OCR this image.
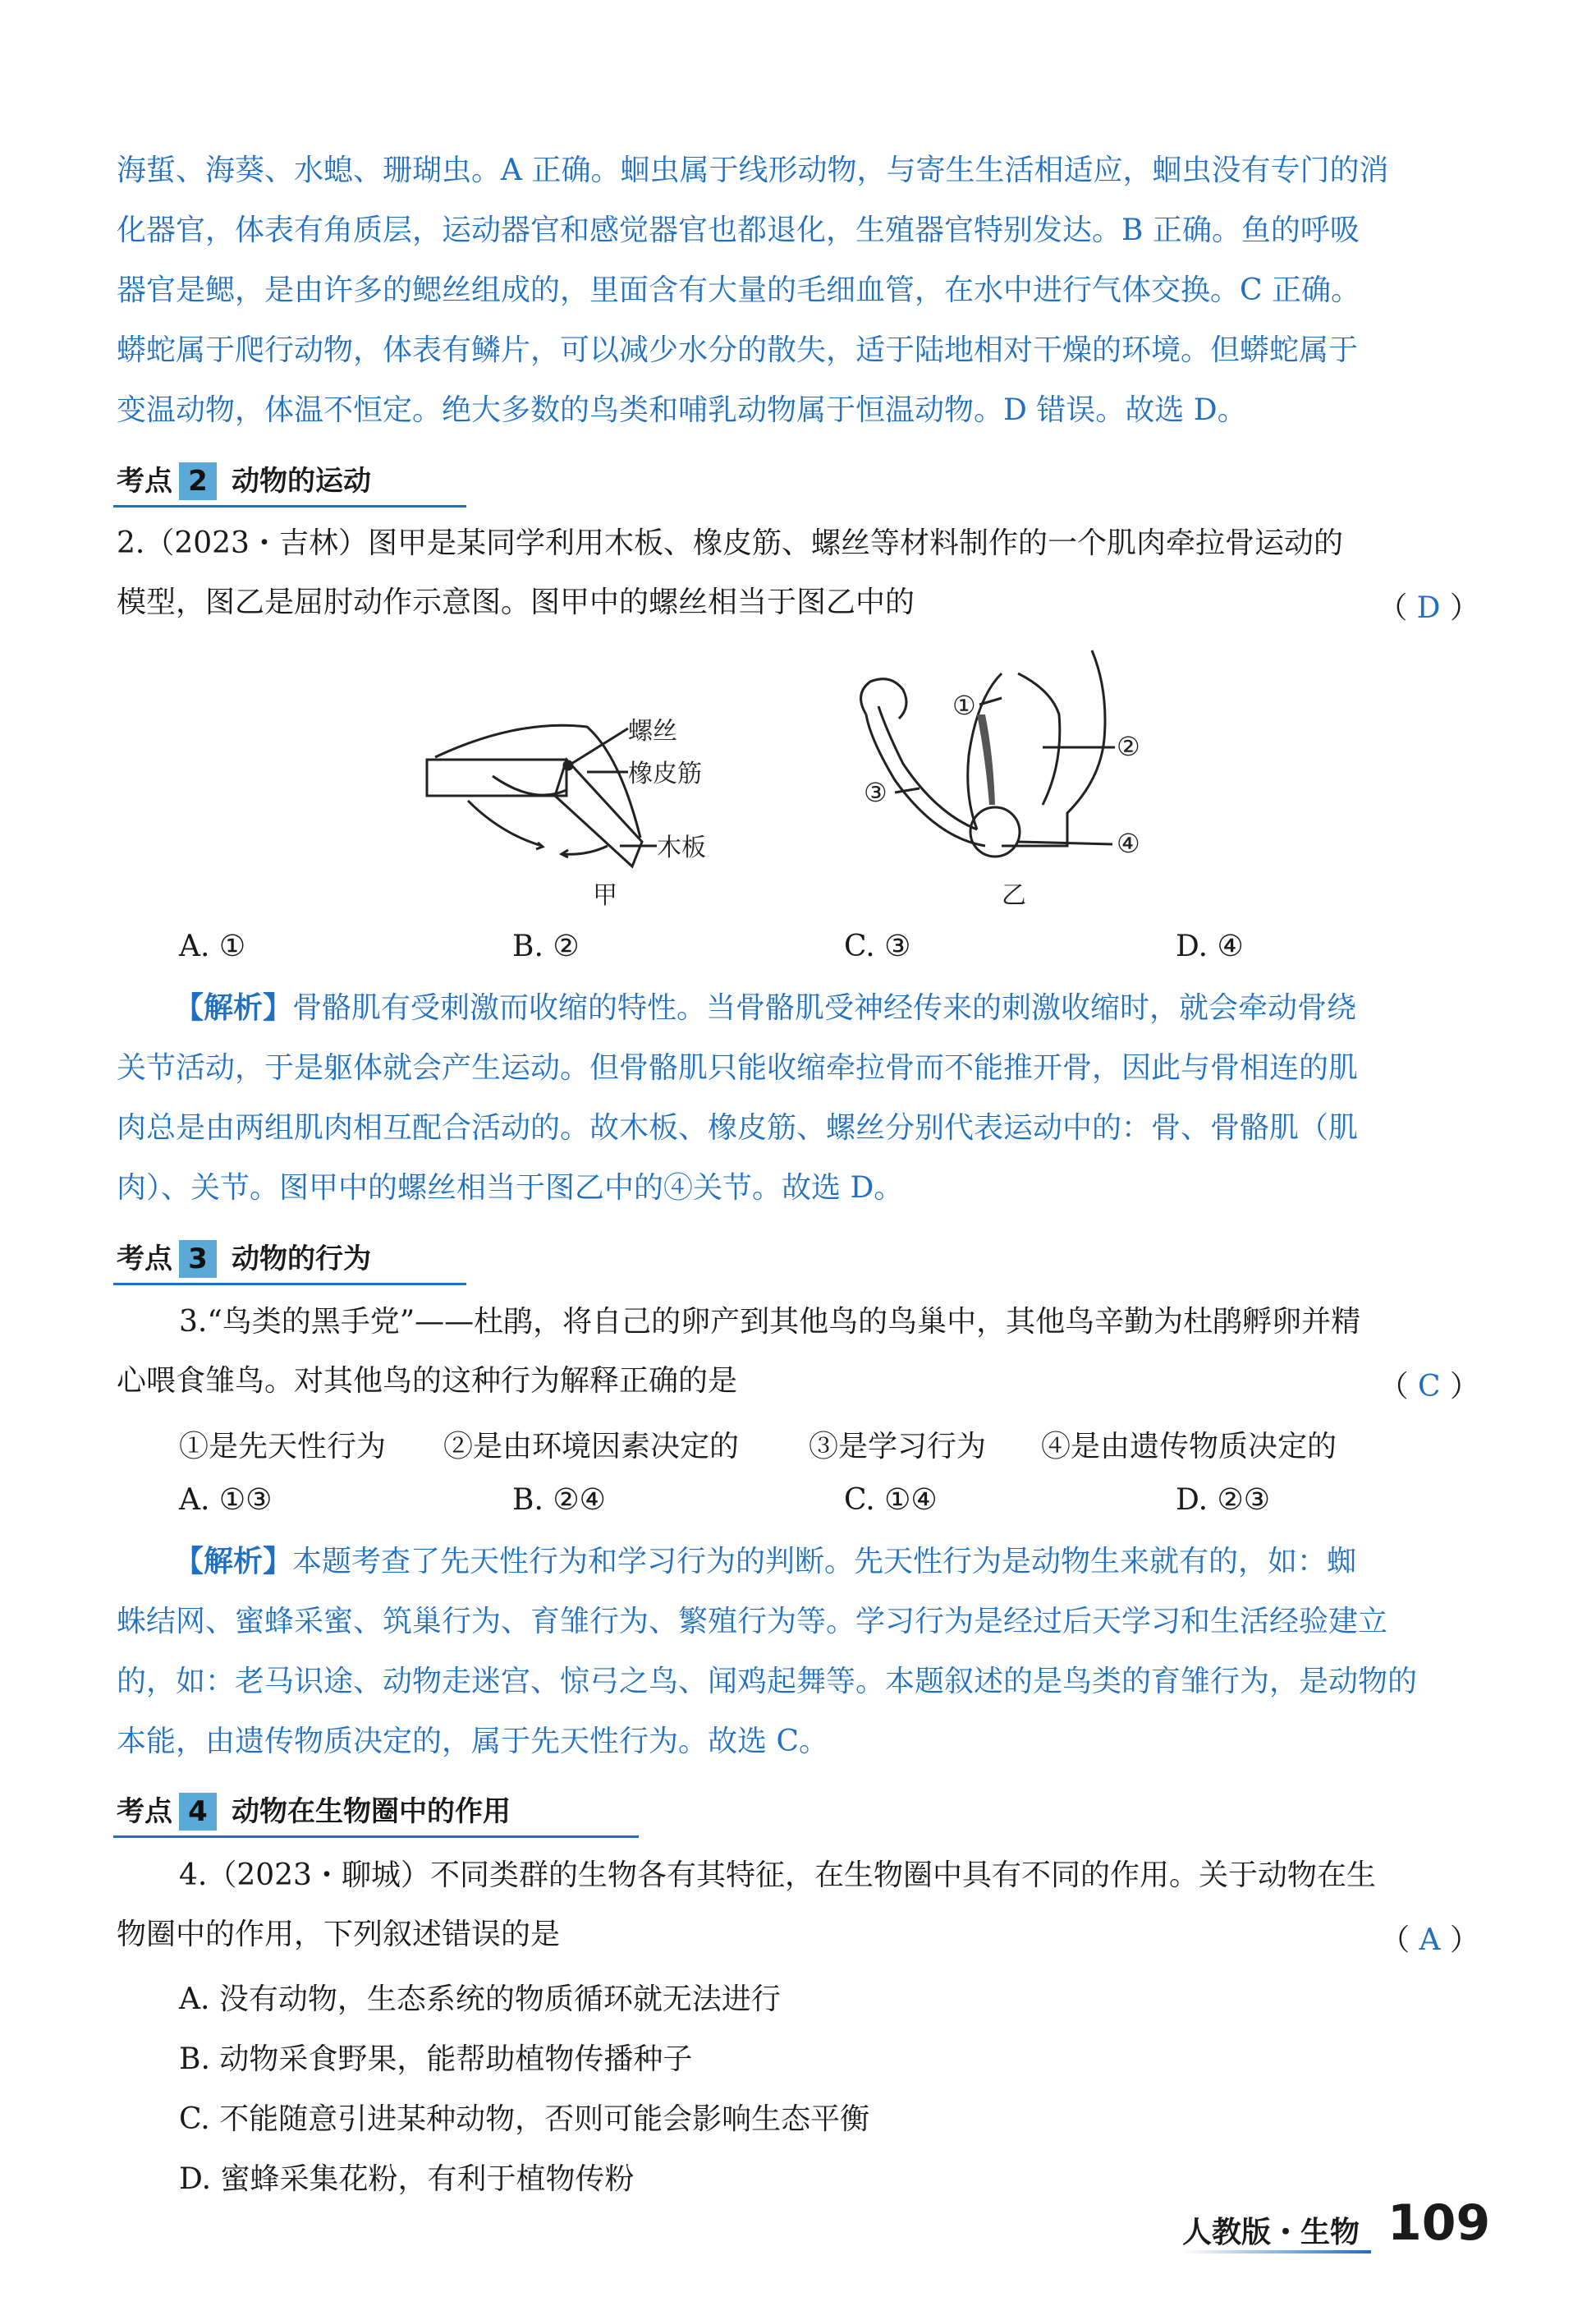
海蜇、海葵、水螅、珊瑚虫。A 正确。蛔虫属于线形动物，与寄生生活相适应，蛔虫没有专门的消
化器官，体表有角质层，运动器官和感觉器官也都退化，生殖器官特别发达。B 正确。鱼的呼吸
器官是鳃，是由许多的鳃丝组成的，里面含有大量的毛细血管，在水中进行气体交换。C 正确。
蟒蛇属于爬行动物，体表有鳞片，可以减少水分的散失，适于陆地相对干燥的环境。但蟒蛇属于
变温动物，体温不恒定。绝大多数的鸟类和哺乳动物属于恒温动物。D 错误。故选 D。
考点 2 动物的运动
2.（2023・吉林）图甲是某同学利用木板、橡皮筋、螺丝等材料制作的一个肌肉牵拉骨运动的
模型，图乙是屈肘动作示意图。图甲中的螺丝相当于图乙中的	（ D ）
螺丝
橡皮筋
木板
甲
①
②
③
④
乙
A. ①	B. ②	C. ③	D. ④
【解析】骨骼肌有受刺激而收缩的特性。当骨骼肌受神经传来的刺激收缩时，就会牵动骨绕
关节活动，于是躯体就会产生运动。但骨骼肌只能收缩牵拉骨而不能推开骨，因此与骨相连的肌
肉总是由两组肌肉相互配合活动的。故木板、橡皮筋、螺丝分别代表运动中的：骨、骨骼肌（肌
肉）、关节。图甲中的螺丝相当于图乙中的④关节。故选 D。
考点 3 动物的行为
3.“鸟类的黑手党”——杜鹃，将自己的卵产到其他鸟的鸟巢中，其他鸟辛勤为杜鹃孵卵并精
心喂食雏鸟。对其他鸟的这种行为解释正确的是	（ C ）
①是先天性行为 ②是由环境因素决定的 ③是学习行为 ④是由遗传物质决定的
A. ①③	B. ②④	C. ①④	D. ②③
【解析】本题考查了先天性行为和学习行为的判断。先天性行为是动物生来就有的，如：蜘
蛛结网、蜜蜂采蜜、筑巢行为、育雏行为、繁殖行为等。学习行为是经过后天学习和生活经验建立
的，如：老马识途、动物走迷宫、惊弓之鸟、闻鸡起舞等。本题叙述的是鸟类的育雏行为，是动物的
本能，由遗传物质决定的，属于先天性行为。故选 C。
考点 4 动物在生物圈中的作用
4.（2023・聊城）不同类群的生物各有其特征，在生物圈中具有不同的作用。关于动物在生
物圈中的作用，下列叙述错误的是	（ A ）
A. 没有动物，生态系统的物质循环就无法进行
B. 动物采食野果，能帮助植物传播种子
C. 不能随意引进某种动物，否则可能会影响生态平衡
D. 蜜蜂采集花粉，有利于植物传粉
人教版・生物 109
